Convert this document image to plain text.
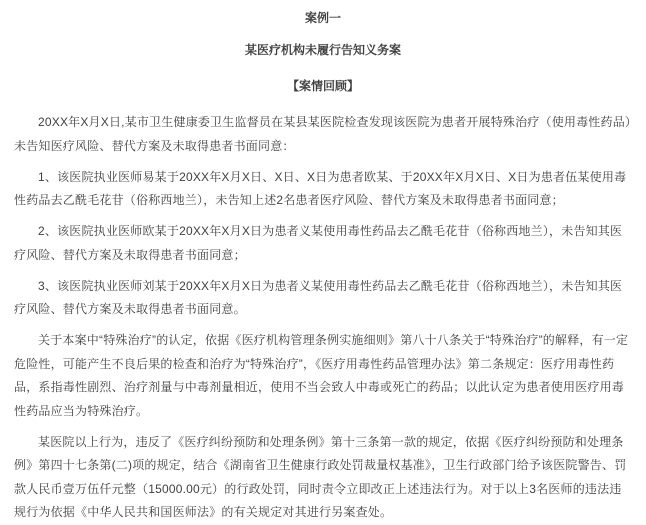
案例一
某医疗机构未履行告知义务案
【案情回顾】
20XX年X月X日,某市卫生健康委卫生监督员在某县某医院检查发现该医院为患者开展特殊治疗（使用毒性药品）未告知医疗风险、替代方案及未取得患者书面同意：
1、该医院执业医师易某于20XX年X月X日、X日、X日为患者欧某、于20XX年X月X日、X日为患者伍某使用毒性药品去乙酰毛花苷（俗称西地兰），未告知上述2名患者医疗风险、替代方案及未取得患者书面同意；
2、该医院执业医师欧某于20XX年X月X日为患者义某使用毒性药品去乙酰毛花苷（俗称西地兰），未告知其医疗风险、替代方案及未取得患者书面同意；
3、该医院执业医师刘某于20XX年X月X日为患者义某使用毒性药品去乙酰毛花苷（俗称西地兰），未告知其医疗风险、替代方案及未取得患者书面同意。
关于本案中“特殊治疗”的认定，依据《医疗机构管理条例实施细则》第八十八条关于“特殊治疗”的解释，有一定危险性，可能产生不良后果的检查和治疗为“特殊治疗”，《医疗用毒性药品管理办法》第二条规定：医疗用毒性药品，系指毒性剧烈、治疗剂量与中毒剂量相近，使用不当会致人中毒或死亡的药品；以此认定为患者使用医疗用毒性药品应当为特殊治疗。
某医院以上行为，违反了《医疗纠纷预防和处理条例》第十三条第一款的规定，依据《医疗纠纷预防和处理条例》第四十七条第(二)项的规定，结合《湖南省卫生健康行政处罚裁量权基准》，卫生行政部门给予该医院警告、罚款人民币壹万伍仟元整（15000.00元）的行政处罚，同时责令立即改正上述违法行为。对于以上3名医师的违法违规行为依据《中华人民共和国医师法》的有关规定对其进行另案查处。
